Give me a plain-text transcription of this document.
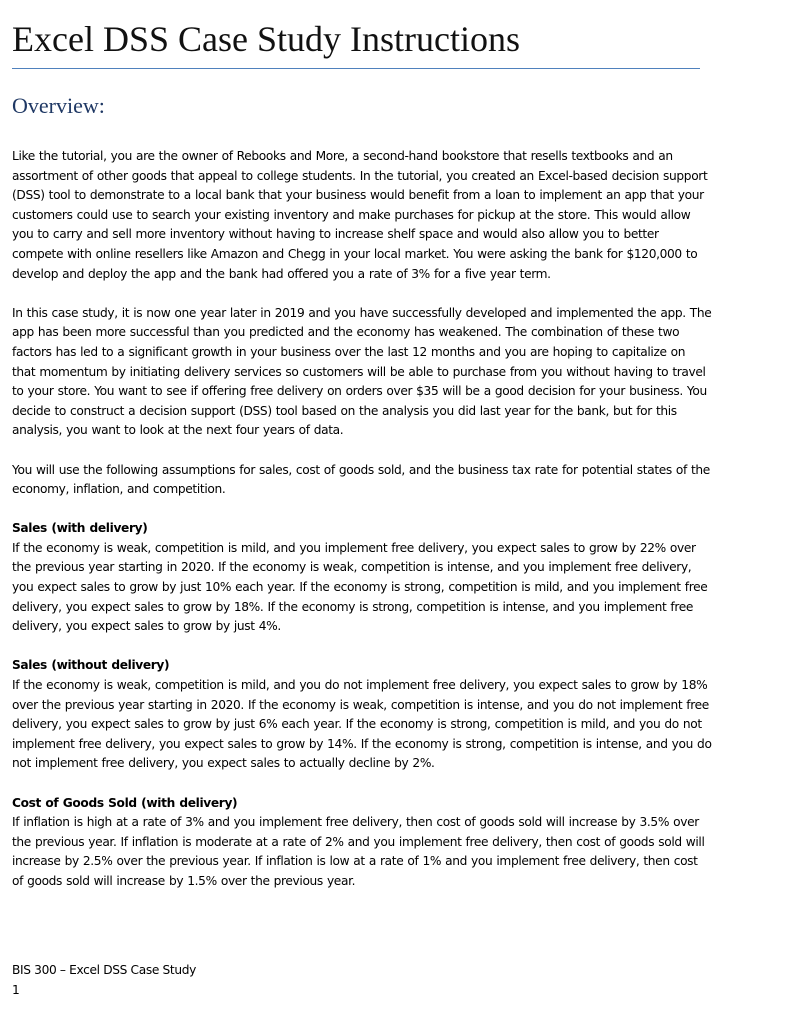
Excel DSS Case Study Instructions
Overview:

Like the tutorial, you are the owner of Rebooks and More, a second-hand bookstore that resells textbooks and an assortment of other goods that appeal to college students. In the tutorial, you created an Excel-based decision support (DSS) tool to demonstrate to a local bank that your business would benefit from a loan to implement an app that your customers could use to search your existing inventory and make purchases for pickup at the store. This would allow you to carry and sell more inventory without having to increase shelf space and would also allow you to better compete with online resellers like Amazon and Chegg in your local market. You were asking the bank for $120,000 to develop and deploy the app and the bank had offered you a rate of 3% for a five year term.

In this case study, it is now one year later in 2019 and you have successfully developed and implemented the app. The app has been more successful than you predicted and the economy has weakened. The combination of these two factors has led to a significant growth in your business over the last 12 months and you are hoping to capitalize on that momentum by initiating delivery services so customers will be able to purchase from you without having to travel to your store. You want to see if offering free delivery on orders over $35 will be a good decision for your business. You decide to construct a decision support (DSS) tool based on the analysis you did last year for the bank, but for this analysis, you want to look at the next four years of data.

You will use the following assumptions for sales, cost of goods sold, and the business tax rate for potential states of the economy, inflation, and competition.

Sales (with delivery)

If the economy is weak, competition is mild, and you implement free delivery, you expect sales to grow by 22% over the previous year starting in 2020. If the economy is weak, competition is intense, and you implement free delivery, you expect sales to grow by just 10% each year. If the economy is strong, competition is mild, and you implement free delivery, you expect sales to grow by 18%. If the economy is strong, competition is intense, and you implement free delivery, you expect sales to grow by just 4%.

Sales (without delivery)

If the economy is weak, competition is mild, and you do not implement free delivery, you expect sales to grow by 18% over the previous year starting in 2020. If the economy is weak, competition is intense, and you do not implement free delivery, you expect sales to grow by just 6% each year. If the economy is strong, competition is mild, and you do not implement free delivery, you expect sales to grow by 14%. If the economy is strong, competition is intense, and you do not implement free delivery, you expect sales to actually decline by 2%.

Cost of Goods Sold (with delivery)

If inflation is high at a rate of 3% and you implement free delivery, then cost of goods sold will increase by 3.5% over the previous year. If inflation is moderate at a rate of 2% and you implement free delivery, then cost of goods sold will increase by 2.5% over the previous year. If inflation is low at a rate of 1% and you implement free delivery, then cost of goods sold will increase by 1.5% over the previous year.

BIS 300 – Excel DSS Case Study
1
